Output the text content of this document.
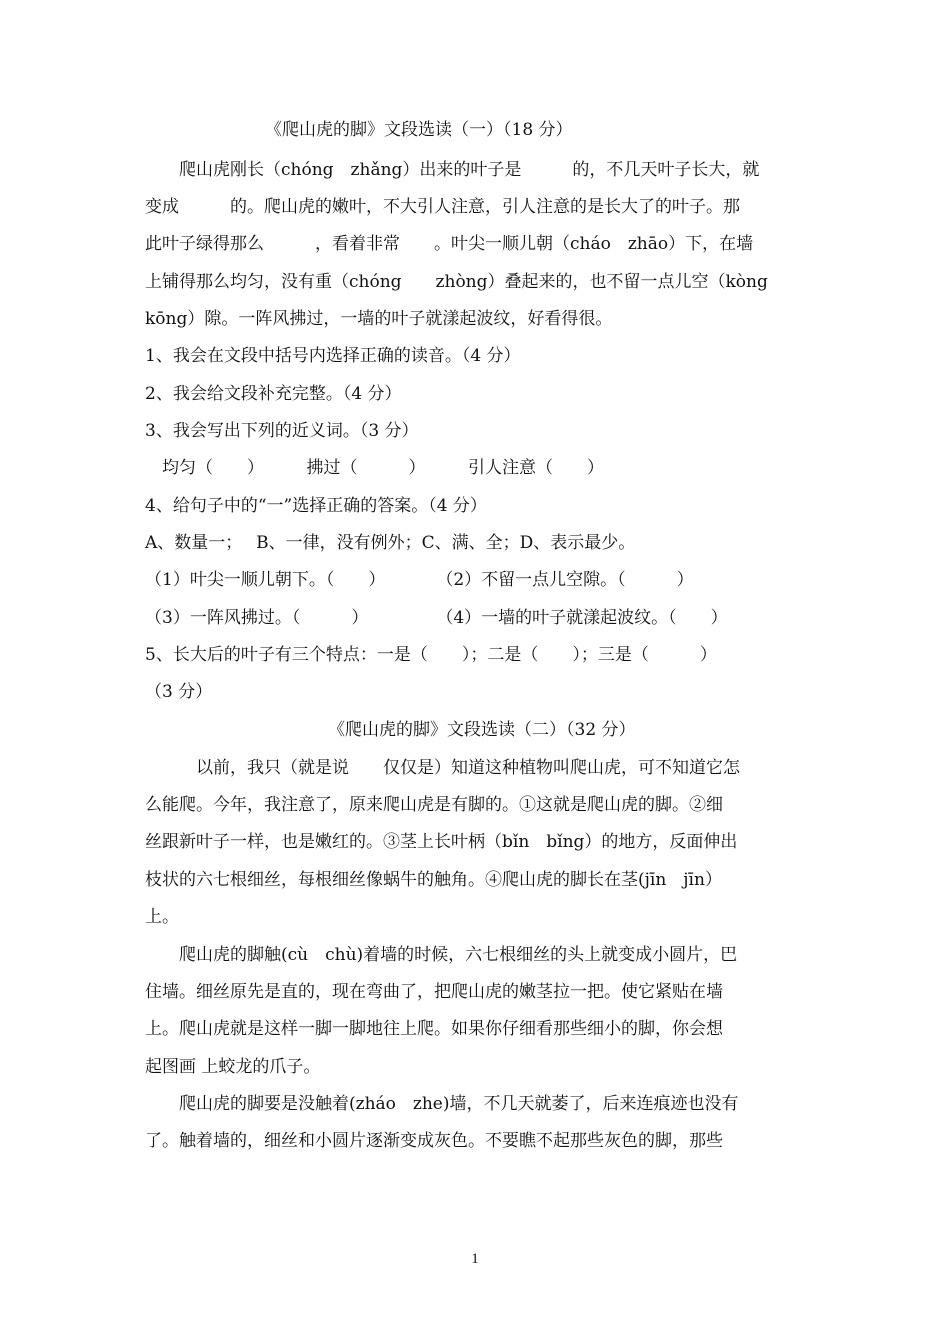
《爬山虎的脚》文段选读（一）（18 分）
　　爬山虎刚长（chóng　zhǎng）出来的叶子是　　　的，不几天叶子长大，就
变成　　　的。爬山虎的嫩叶，不大引人注意，引人注意的是长大了的叶子。那
此叶子绿得那么　　　，看着非常　　。叶尖一顺儿朝（cháo　zhāo）下，在墙
上铺得那么均匀，没有重（chóng　　zhòng）叠起来的，也不留一点儿空（kòng
kōng）隙。一阵风拂过，一墙的叶子就漾起波纹，好看得很。
1、我会在文段中括号内选择正确的读音。（4 分）
2、我会给文段补充完整。（4 分）
3、我会写出下列的近义词。（3 分）
　均匀（　　）　　　拂过（　　　）　　　引人注意（　　）
4、给句子中的“一”选择正确的答案。（4 分）
A、数量一；　 B、一律，没有例外；C、满、全；D、表示最少。
（1）叶尖一顺儿朝下。（　　）　　　　（2）不留一点儿空隙。（　　　）
（3）一阵风拂过。（　　　）　　　　　（4）一墙的叶子就漾起波纹。（　　）
5、长大后的叶子有三个特点：一是（　　）；二是（　　）；三是（　　　）
（3 分）
《爬山虎的脚》文段选读（二）（32 分）
　　　以前，我只（就是说　　仅仅是）知道这种植物叫爬山虎，可不知道它怎
么能爬。今年，我注意了，原来爬山虎是有脚的。①这就是爬山虎的脚。②细
丝跟新叶子一样，也是嫩红的。③茎上长叶柄（bǐn　bǐng）的地方，反面伸出
枝状的六七根细丝，每根细丝像蜗牛的触角。④爬山虎的脚长在茎(jīn　jīn）
上。
　　爬山虎的脚触(cù　chù)着墙的时候，六七根细丝的头上就变成小圆片，巴
住墙。细丝原先是直的，现在弯曲了，把爬山虎的嫩茎拉一把。使它紧贴在墙
上。爬山虎就是这样一脚一脚地往上爬。如果你仔细看那些细小的脚，你会想
起图画 上蛟龙的爪子。
　　爬山虎的脚要是没触着(zháo　zhe)墙，不几天就萎了，后来连痕迹也没有
了。触着墙的，细丝和小圆片逐渐变成灰色。不要瞧不起那些灰色的脚，那些
1
